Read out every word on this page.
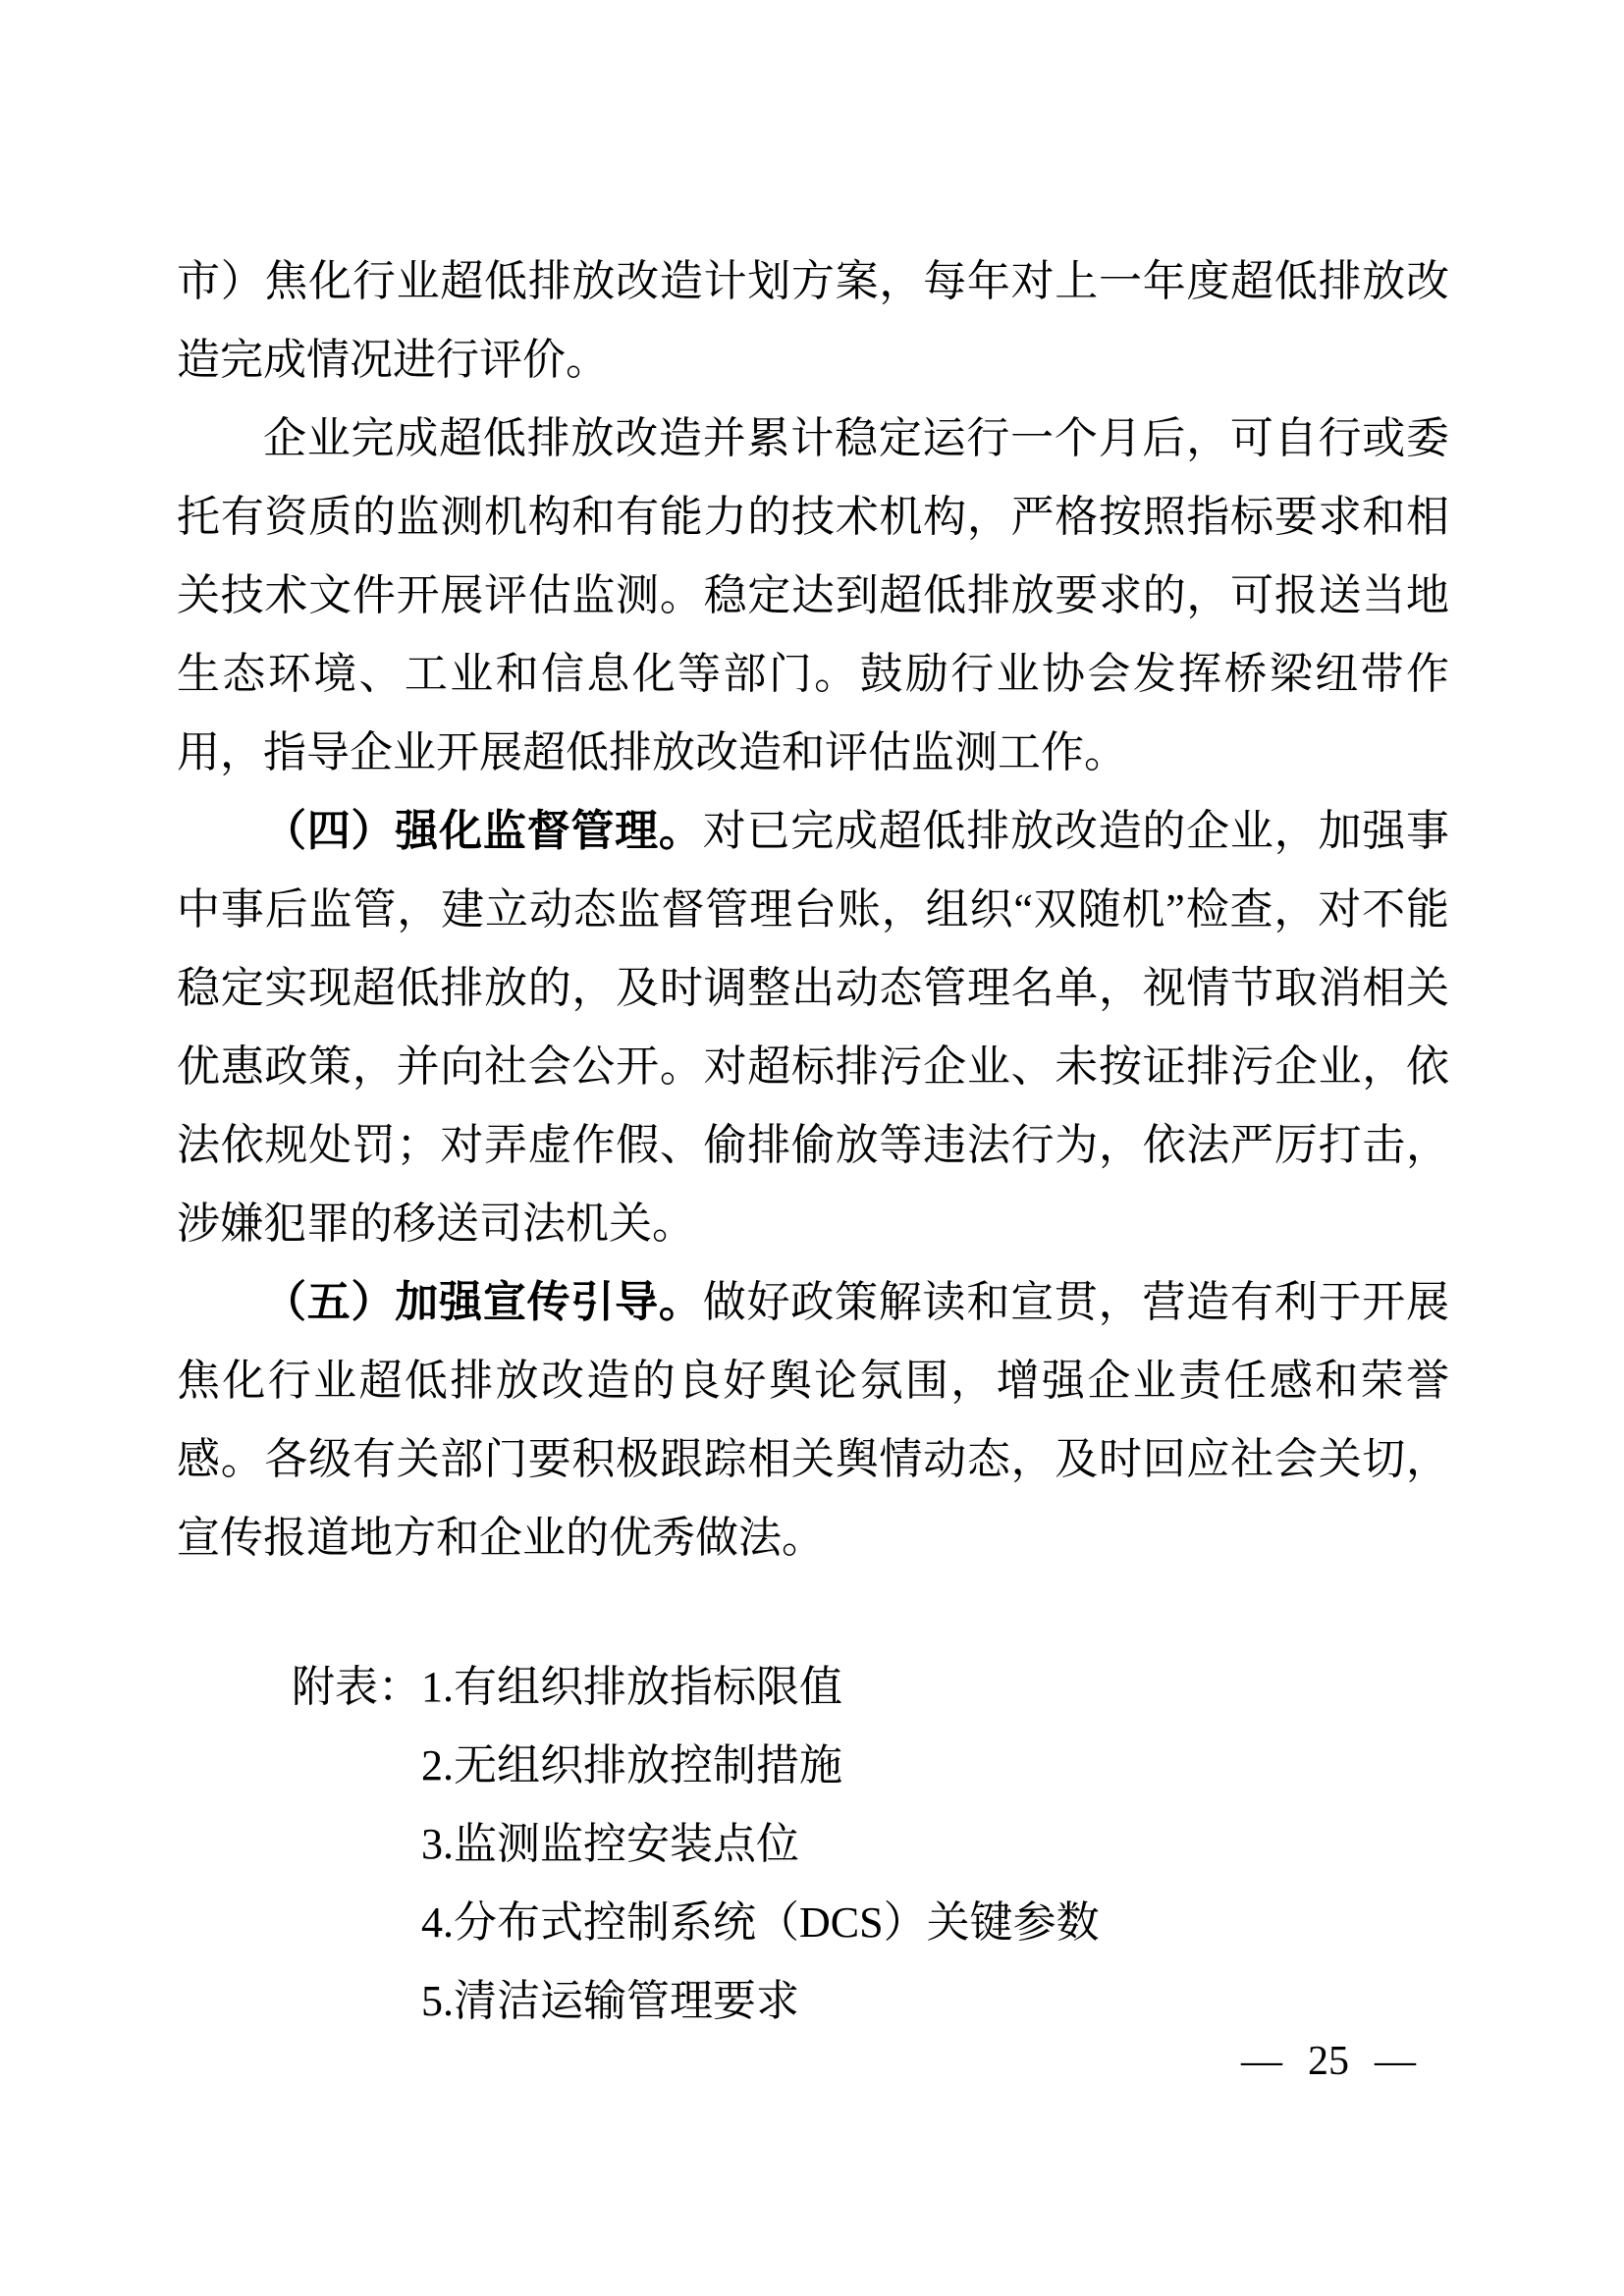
市）焦化行业超低排放改造计划方案，每年对上一年度超低排放改造完成情况进行评价。

企业完成超低排放改造并累计稳定运行一个月后，可自行或委托有资质的监测机构和有能力的技术机构，严格按照指标要求和相关技术文件开展评估监测。稳定达到超低排放要求的，可报送当地生态环境、工业和信息化等部门。鼓励行业协会发挥桥梁纽带作用，指导企业开展超低排放改造和评估监测工作。

（四）强化监督管理。对已完成超低排放改造的企业，加强事中事后监管，建立动态监督管理台账，组织“双随机”检查，对不能稳定实现超低排放的，及时调整出动态管理名单，视情节取消相关优惠政策，并向社会公开。对超标排污企业、未按证排污企业，依法依规处罚；对弄虚作假、偷排偷放等违法行为，依法严厉打击，涉嫌犯罪的移送司法机关。

（五）加强宣传引导。做好政策解读和宣贯，营造有利于开展焦化行业超低排放改造的良好舆论氛围，增强企业责任感和荣誉感。各级有关部门要积极跟踪相关舆情动态，及时回应社会关切，宣传报道地方和企业的优秀做法。

附表： 1.有组织排放指标限值
2.无组织排放控制措施
3.监测监控安装点位
4.分布式控制系统（DCS）关键参数
5.清洁运输管理要求
— 25 —
